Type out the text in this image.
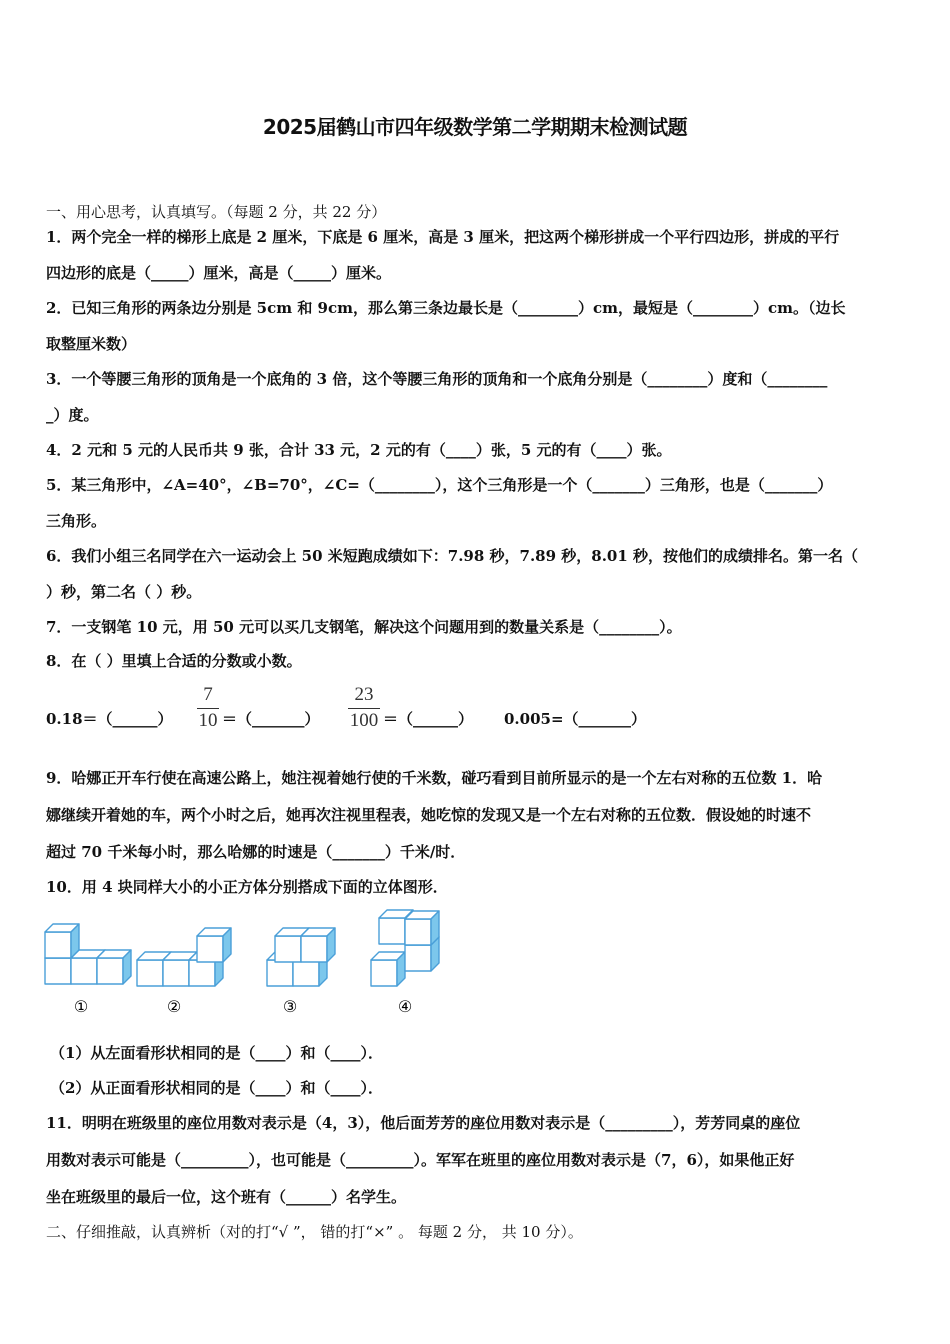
2025届鹤山市四年级数学第二学期期末检测试题
一、用心思考，认真填写。（每题 2 分，共 22 分）
1．两个完全一样的梯形上底是 2 厘米，下底是 6 厘米，高是 3 厘米，把这两个梯形拼成一个平行四边形，拼成的平行
四边形的底是（_____）厘米，高是（_____）厘米。
2．已知三角形的两条边分别是 5cm 和 9cm，那么第三条边最长是（________）cm，最短是（________）cm。（边长
取整厘米数）
3．一个等腰三角形的顶角是一个底角的 3 倍，这个等腰三角形的顶角和一个底角分别是（________）度和（________
_）度。
4．2 元和 5 元的人民币共 9 张，合计 33 元，2 元的有（____）张，5 元的有（____）张。
5．某三角形中，∠A=40°，∠B=70°，∠C=（________），这个三角形是一个（_______）三角形，也是（_______）
三角形。
6．我们小组三名同学在六一运动会上 50 米短跑成绩如下：7.98 秒，7.89 秒，8.01 秒，按他们的成绩排名。第一名（
）秒，第二名（ ）秒。
7．一支钢笔 10 元，用 50 元可以买几支钢笔，解决这个问题用到的数量关系是（________）。
8．在（ ）里填上合适的分数或小数。
0.18＝（______）
7
10 ＝（_______）
23
100 ＝（______） 0.005=（_______）
9．哈娜正开车行使在高速公路上，她注视着她行使的千米数，碰巧看到目前所显示的是一个左右对称的五位数 1．哈
娜继续开着她的车，两个小时之后，她再次注视里程表，她吃惊的发现又是一个左右对称的五位数．假设她的时速不
超过 70 千米每小时，那么哈娜的时速是（_______）千米/时．
10．用 4 块同样大小的小正方体分别搭成下面的立体图形．
①	②	③	④
（1）从左面看形状相同的是（____）和（____）．
（2）从正面看形状相同的是（____）和（____）．
11．明明在班级里的座位用数对表示是（4，3），他后面芳芳的座位用数对表示是（_________），芳芳同桌的座位
用数对表示可能是（_________），也可能是（_________）。军军在班里的座位用数对表示是（7，6），如果他正好
坐在班级里的最后一位，这个班有（______）名学生。
二、仔细推敲，认真辨析（对的打“√ ”， 错的打“×” 。 每题 2 分， 共 10 分）。
